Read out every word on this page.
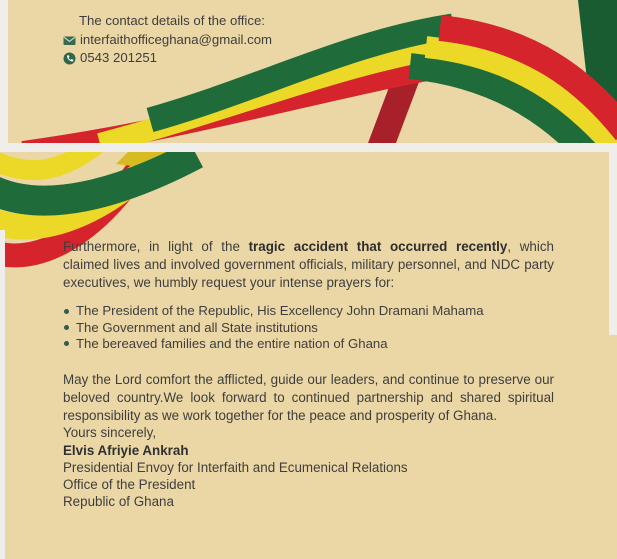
The contact details of the office:
interfaithofficeghana@gmail.com
0543 201251

Furthermore, in light of the tragic accident that occurred recently, which claimed lives and involved government officials, military personnel, and NDC party executives, we humbly request your intense prayers for:

The President of the Republic, His Excellency John Dramani Mahama
The Government and all State institutions
The bereaved families and the entire nation of Ghana

May the Lord comfort the afflicted, guide our leaders, and continue to preserve our beloved country.We look forward to continued partnership and shared spiritual responsibility as we work together for the peace and prosperity of Ghana.

Yours sincerely,

Elvis Afriyie Ankrah

Presidential Envoy for Interfaith and Ecumenical Relations

Office of the President

Republic of Ghana
